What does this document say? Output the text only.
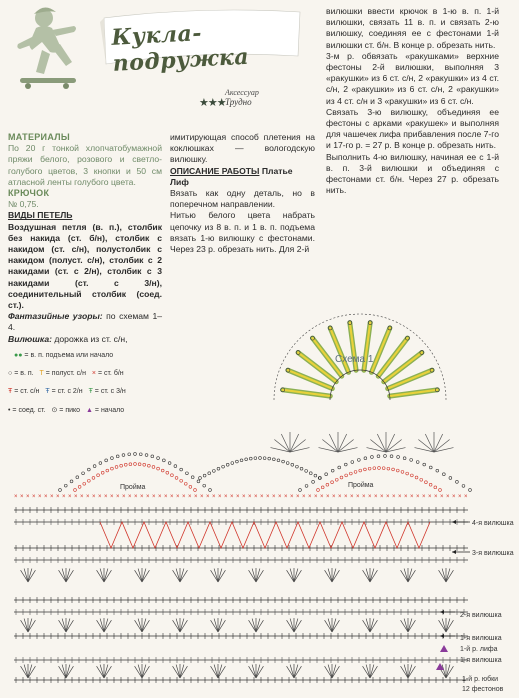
Кукла-подружка
Аксессуар
★★★ Трудно

МАТЕРИАЛЫ

По 20 г тонкой хлопчатобумажной пряжи белого, розового и светло-голубого цветов, 3 кнопки и 50 см атласной ленты голубого цвета.

КРЮЧОК

№ 0,75.

ВИДЫ ПЕТЕЛЬ

Воздушная петля (в. п.), столбик без накида (ст. б/н), столбик с накидом (ст. с/н), полустолбик с накидом (полуст. с/н), столбик с 2 накидами (ст. с 2/н), столбик с 3 накидами (ст. с 3/н), соединительный столбик (соед. ст.).

Фантазийные узоры: по схемам 1–4.

Вилюшка: дорожка из ст. с/н,

имитирующая способ плетения на коклюшках — вологодскую вилюшку.

ОПИСАНИЕ РАБОТЫ Платье

Лиф

Вязать как одну деталь, но в поперечном направлении.

Нитью белого цвета набрать цепочку из 8 в. п. и 1 в. п. подъема вязать 1-ю вилюшку с фестонами. Через 23 р. обрезать нить. Для 2-й

вилюшки ввести крючок в 1-ю в. п. 1-й вилюшки, связать 11 в. п. и связать 2-ю вилюшку, соединяя ее с фестонами 1-й вилюшки ст. б/н. В конце р. обрезать нить.

3-м р. обвязать «ракушками» верхние фестоны 2-й вилюшки, выполняя 3 «ракушки» из 6 ст. с/н, 2 «ракушки» из 4 ст. с/н, 2 «ракушки» из 6 ст. с/н, 2 «ракушки» из 4 ст. с/н и 3 «ракушки» из 6 ст. с/н.

Связать 3-ю вилюшку, объединяя ее фестоны с арками «ракушек» и выполняя для чашечек лифа прибавления после 7-го и 17-го р. = 27 р. В конце р. обрезать нить.

Выполнить 4-ю вилюшку, начиная ее с 1-й в. п. 3-й вилюшки и объединяя с фестонами ст. б/н. Через 27 р. обрезать нить.

●● = в. п. подъема или начало
○ = в. п. Т = полуст. с/н × = ст. б/н
Ŧ = ст. с/н Ŧ = ст. с 2/н Ŧ = ст. с 3/н
• = соед. ст. ⊙ = пико ▲ = начало
× × × × × × × × × × × × × × × × × × × × × × × × × × × × × × × × × × × × × × × × × × × × × × × × × × × × × × × × × × × × × × × × × × × × × × × × × × × ×
Схема 1
Пройма	Пройма
4-я вилюшка
3-я вилюшка
2-я вилюшка
1-я вилюшка
1-й р. лифа
1-я вилюшка
1-й р. юбки
12 фестонов
